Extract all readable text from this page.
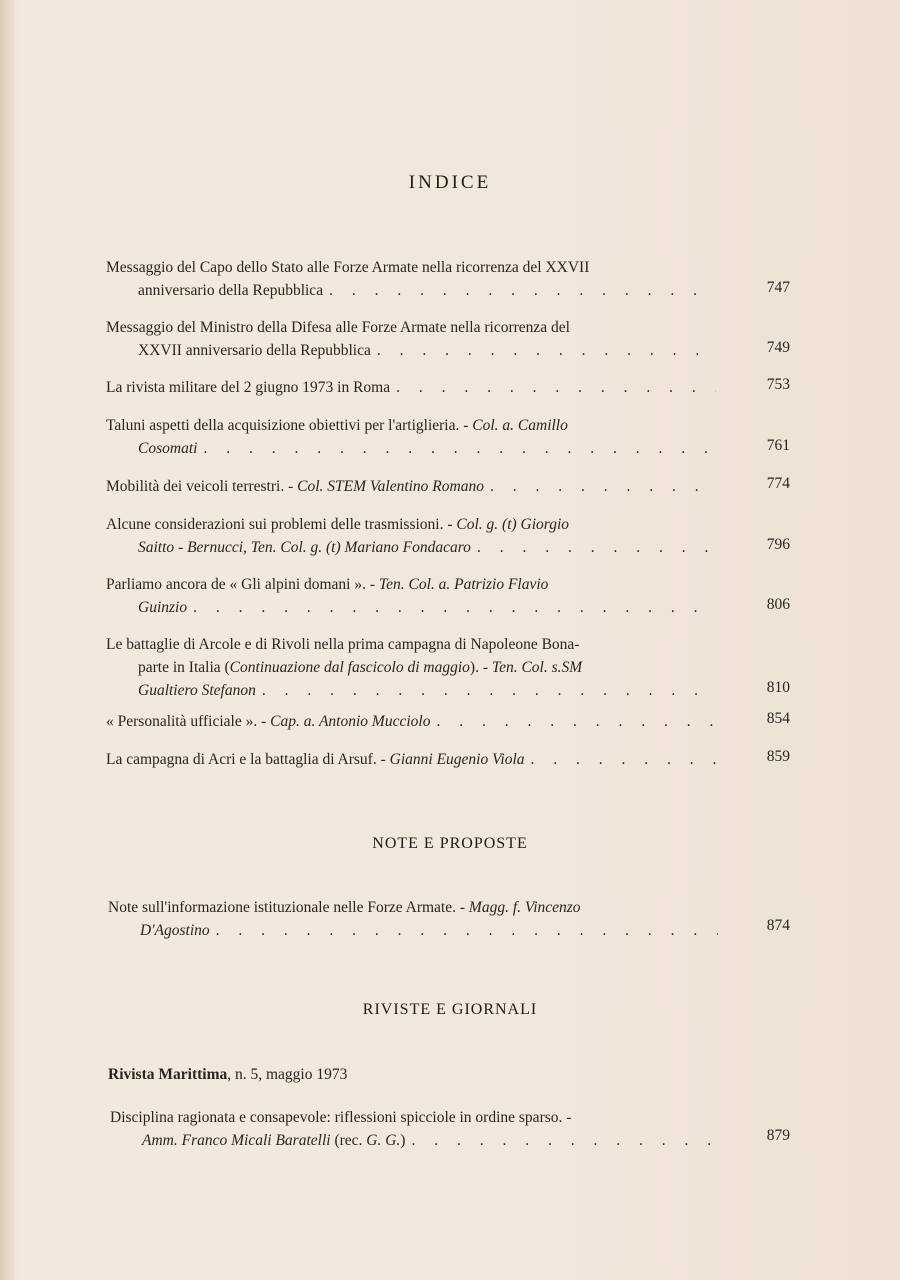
INDICE
Messaggio del Capo dello Stato alle Forze Armate nella ricorrenza del XXVII
anniversario della Repubblica . . .	747
Messaggio del Ministro della Difesa alle Forze Armate nella ricorrenza del
XXVII anniversario della Repubblica . . .	749
La rivista militare del 2 giugno 1973 in Roma . . .	753
Taluni aspetti della acquisizione obiettivi per l'artiglieria. - Col. a. Camillo
Cosomati . . .	761
Mobilità dei veicoli terrestri. - Col. STEM Valentino Romano . . .	774
Alcune considerazioni sui problemi delle trasmissioni. - Col. g. (t) Giorgio
Saitto - Bernucci, Ten. Col. g. (t) Mariano Fondacaro . . .	796
Parliamo ancora de « Gli alpini domani ». - Ten. Col. a. Patrizio Flavio
Guinzio . . .	806
Le battaglie di Arcole e di Rivoli nella prima campagna di Napoleone Bona-
parte in Italia (Continuazione dal fascicolo di maggio). - Ten. Col. s.SM
Gualtiero Stefanon . . .	810
« Personalità ufficiale ». - Cap. a. Antonio Mucciolo . . .	854
La campagna di Acri e la battaglia di Arsuf. - Gianni Eugenio Viola . . .	859
NOTE E PROPOSTE
Note sull'informazione istituzionale nelle Forze Armate. - Magg. f. Vincenzo
D'Agostino . . .	874
RIVISTE E GIORNALI
Rivista Marittima, n. 5, maggio 1973
Disciplina ragionata e consapevole: riflessioni spicciole in ordine sparso. -
Amm. Franco Micali Baratelli (rec. G. G.) . . .	879
